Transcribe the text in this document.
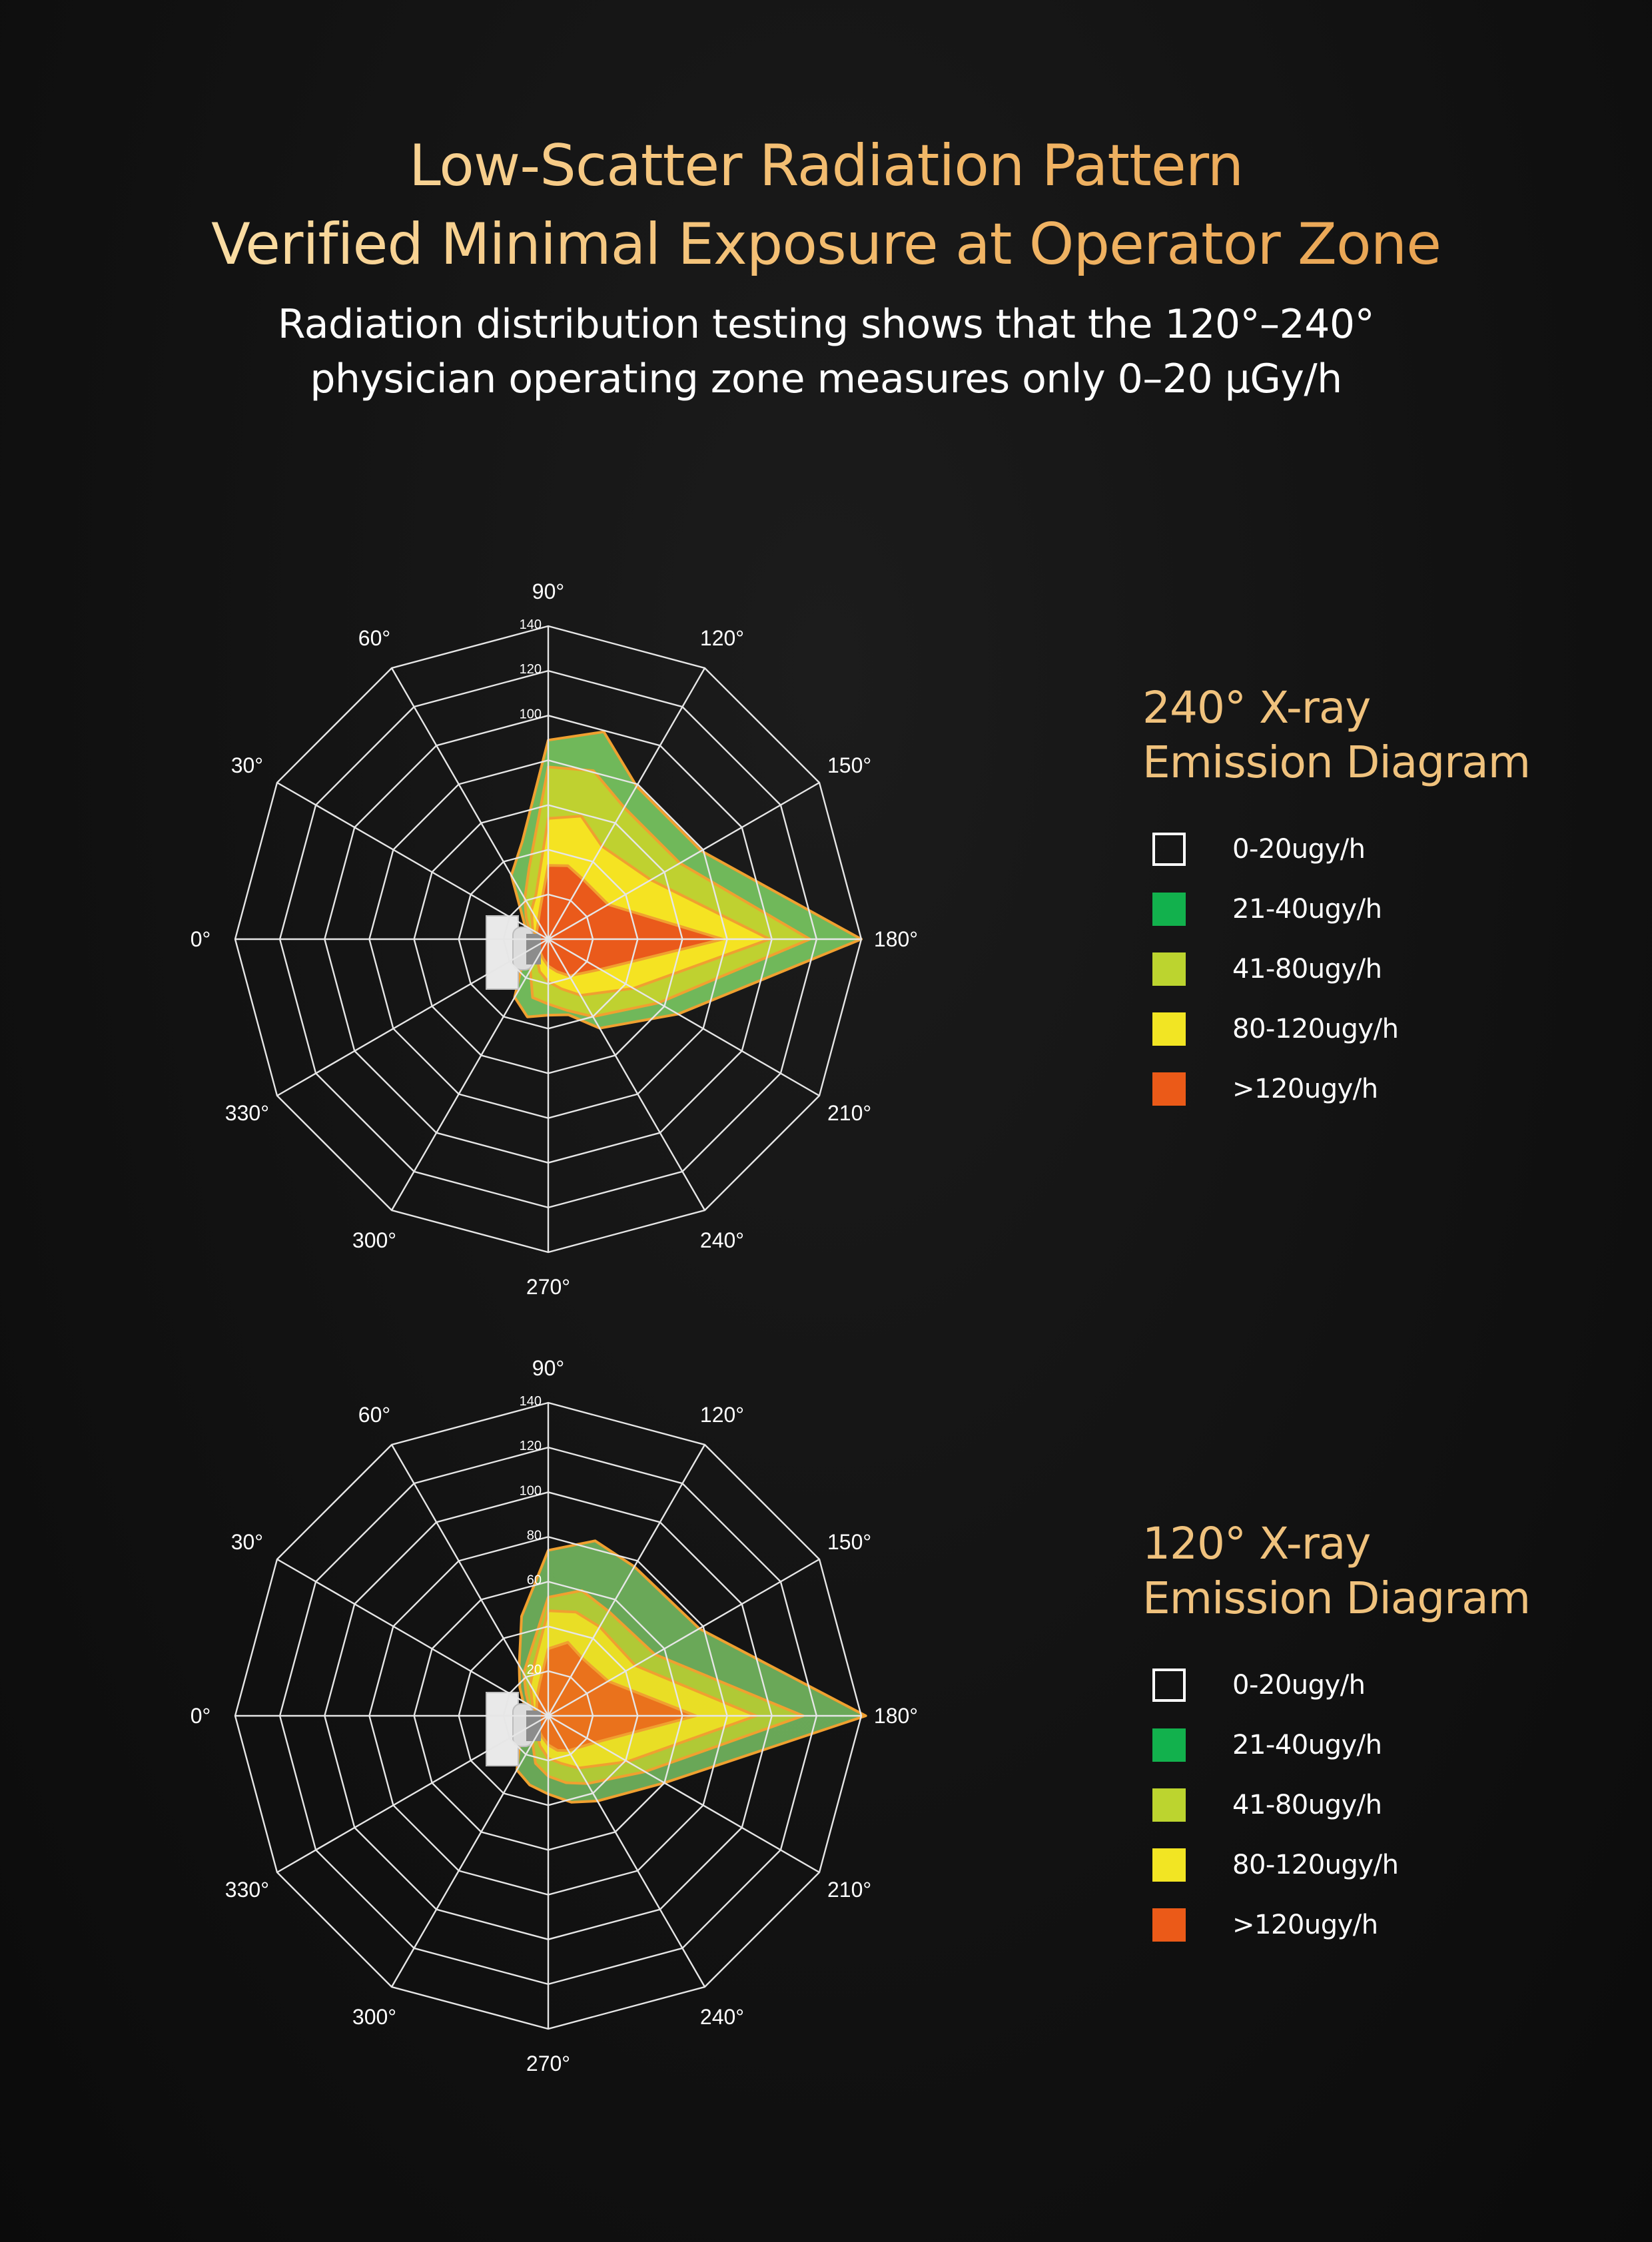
Low-Scatter Radiation Pattern

Verified Minimal Exposure at Operator Zone

Radiation distribution testing shows that the 120°–240°
physician operating zone measures only 0–20 μGy/h

0°
30°
60°
90°
120°
150°
180°
210°
240°
270°
300°
330°
100
120
140
0°
30°
60°
90°
120°
150°
180°
210°
240°
270°
300°
330°
20
60
80
100
120
140

240° X-ray

Emission Diagram

0-20ugy/h
21-40ugy/h
41-80ugy/h
80-120ugy/h
>120ugy/h

120° X-ray

Emission Diagram

0-20ugy/h
21-40ugy/h
41-80ugy/h
80-120ugy/h
>120ugy/h
